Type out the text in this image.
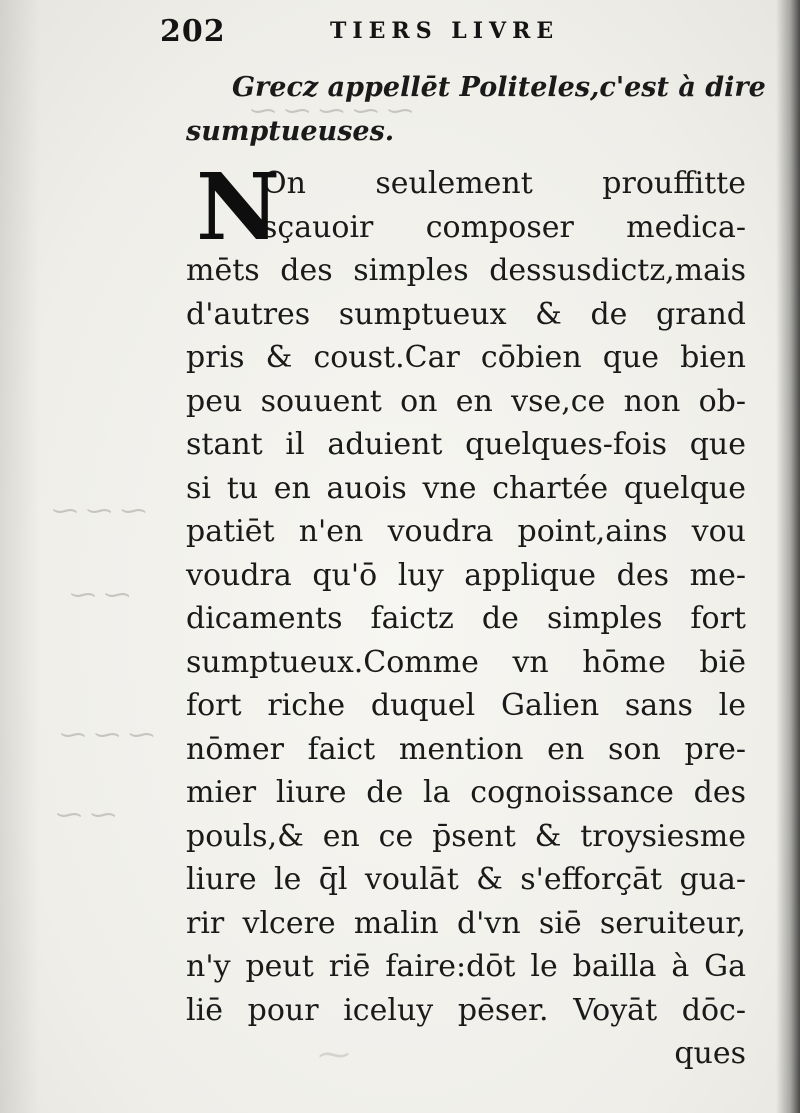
⁓ ⁓ ⁓
⁓ ⁓
⁓ ⁓ ⁓
⁓ ⁓
⁓ ⁓ ⁓ ⁓ ⁓
202	TIERS LIVRE
Grecz appellēt Politeles,c'est à dire
sumptueuses.
N
On seulement prouffitte
sçauoir composer medica-
mēts des simples dessusdictz,mais
d'autres sumptueux & de grand
pris & coust.Car cōbien que bien
peu souuent on en vse,ce non ob-
stant il aduient quelques-fois que
si tu en auois vne chartée quelque
patiēt n'en voudra point,ains vou
voudra qu'ō luy applique des me-
dicaments faictz de simples fort
sumptueux.Comme vn hōme biē
fort riche duquel Galien sans le
nōmer faict mention en son pre-
mier liure de la cognoissance des
pouls,& en ce p̄sent & troysiesme
liure le q̄l voulāt & s'efforçāt gua-
rir vlcere malin d'vn siē seruiteur,
n'y peut riē faire:dōt le bailla à Ga
liē pour iceluy pēser. Voyāt dōc-
ques
⁓
